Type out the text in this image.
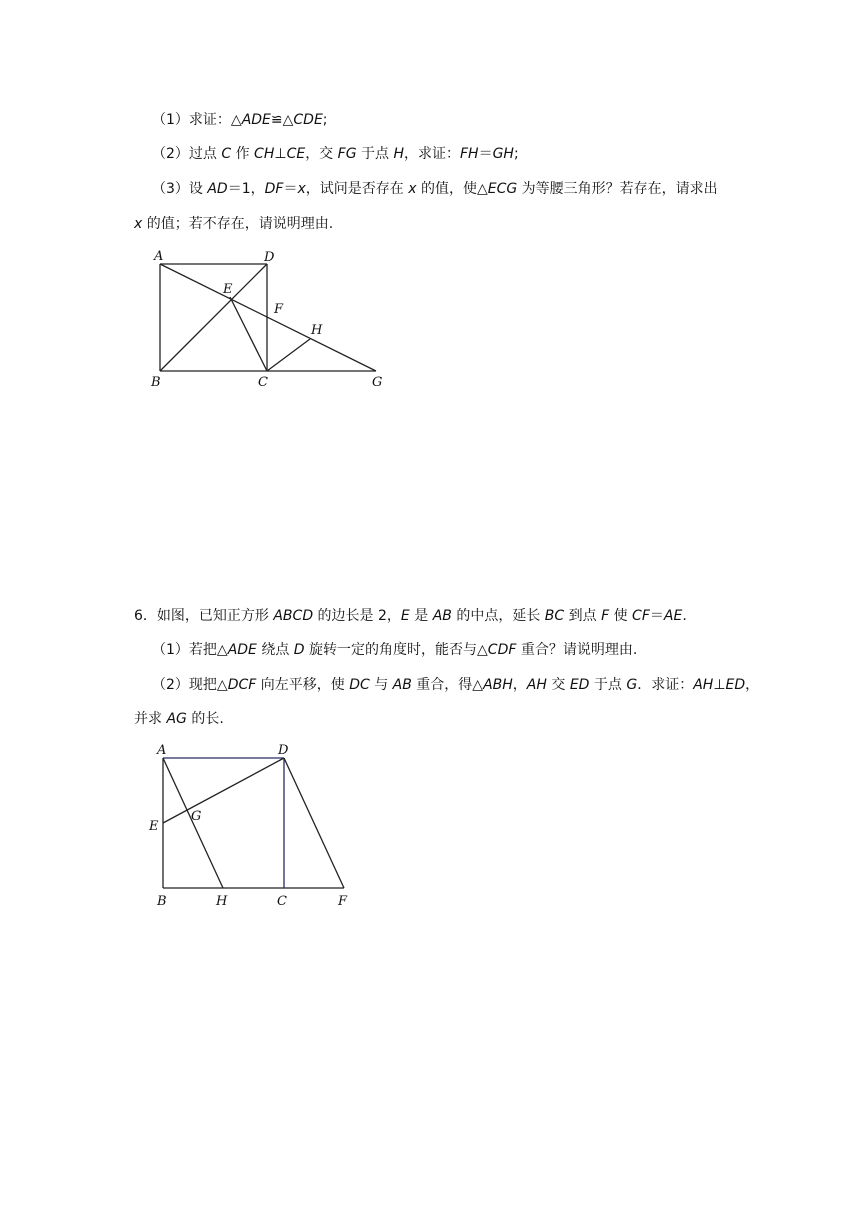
（1）求证：△ADE≌△CDE;
（2）过点 C 作 CH⊥CE，交 FG 于点 H，求证：FH＝GH;
（3）设 AD＝1，DF＝x，试问是否存在 x 的值，使△ECG 为等腰三角形？若存在，请求出
x 的值；若不存在，请说明理由.
A	D
E
F
H
B	C	G
6．如图，已知正方形 ABCD 的边长是 2，E 是 AB 的中点，延长 BC 到点 F 使 CF＝AE.
（1）若把△ADE 绕点 D 旋转一定的角度时，能否与△CDF 重合？请说明理由.
（2）现把△DCF 向左平移，使 DC 与 AB 重合，得△ABH，AH 交 ED 于点 G．求证：AH⊥ED，
并求 AG 的长.
A	D
E
G
B	H	C	F
